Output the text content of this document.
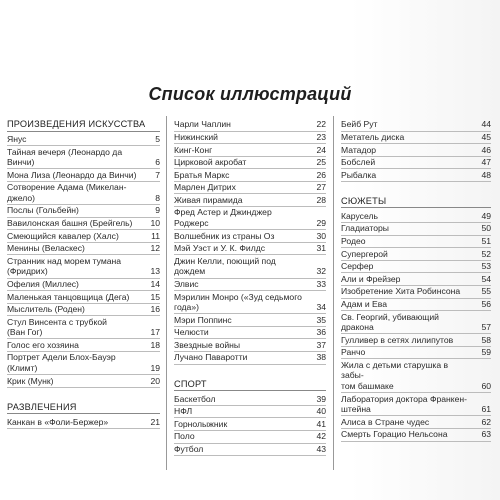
Список иллюстраций
ПРОИЗВЕДЕНИЯ ИСКУССТВА
Янус	5
Тайная вечеря (Леонардо да
Винчи)	6
Мона Лиза (Леонардо да Винчи)	7
Сотворение Адама (Микелан-
джело)	8
Послы (Гольбейн)	9
Вавилонская башня (Брейгель)	10
Смеющийся кавалер (Халс)	11
Менины (Веласкес)	12
Странник над морем тумана
(Фридрих)	13
Офелия (Миллес)	14
Маленькая танцовщица (Дега)	15
Мыслитель (Роден)	16
Стул Винсента с трубкой
(Ван Гог)	17
Голос его хозяина	18
Портрет Адели Блох-Бауэр
(Климт)	19
Крик (Мунк)	20
РАЗВЛЕЧЕНИЯ
Канкан в «Фоли-Бержер»	21
Чарли Чаплин	22
Нижинский	23
Кинг-Конг	24
Цирковой акробат	25
Братья Маркс	26
Марлен Дитрих	27
Живая пирамида	28
Фред Астер и Джинджер Роджерс	29
Волшебник из страны Оз	30
Мэй Уэст и У. К. Филдс	31
Джин Келли, поющий под дождем	32
Элвис	33
Мэрилин Монро («Зуд седьмого
года»)	34
Мэри Поппинс	35
Челюсти	36
Звездные войны	37
Лучано Паваротти	38
СПОРТ
Баскетбол	39
НФЛ	40
Горнолыжник	41
Поло	42
Футбол	43
Бейб Рут	44
Метатель диска	45
Матадор	46
Бобслей	47
Рыбалка	48
СЮЖЕТЫ
Карусель	49
Гладиаторы	50
Родео	51
Супергерой	52
Серфер	53
Али и Фрейзер	54
Изобретение Хита Робинсона	55
Адам и Ева	56
Св. Георгий, убивающий дракона	57
Гулливер в сетях лилипутов	58
Ранчо	59
Жила с детьми старушка в забы-
том башмаке	60
Лаборатория доктора Франкен-
штейна	61
Алиса в Стране чудес	62
Смерть Горацио Нельсона	63
